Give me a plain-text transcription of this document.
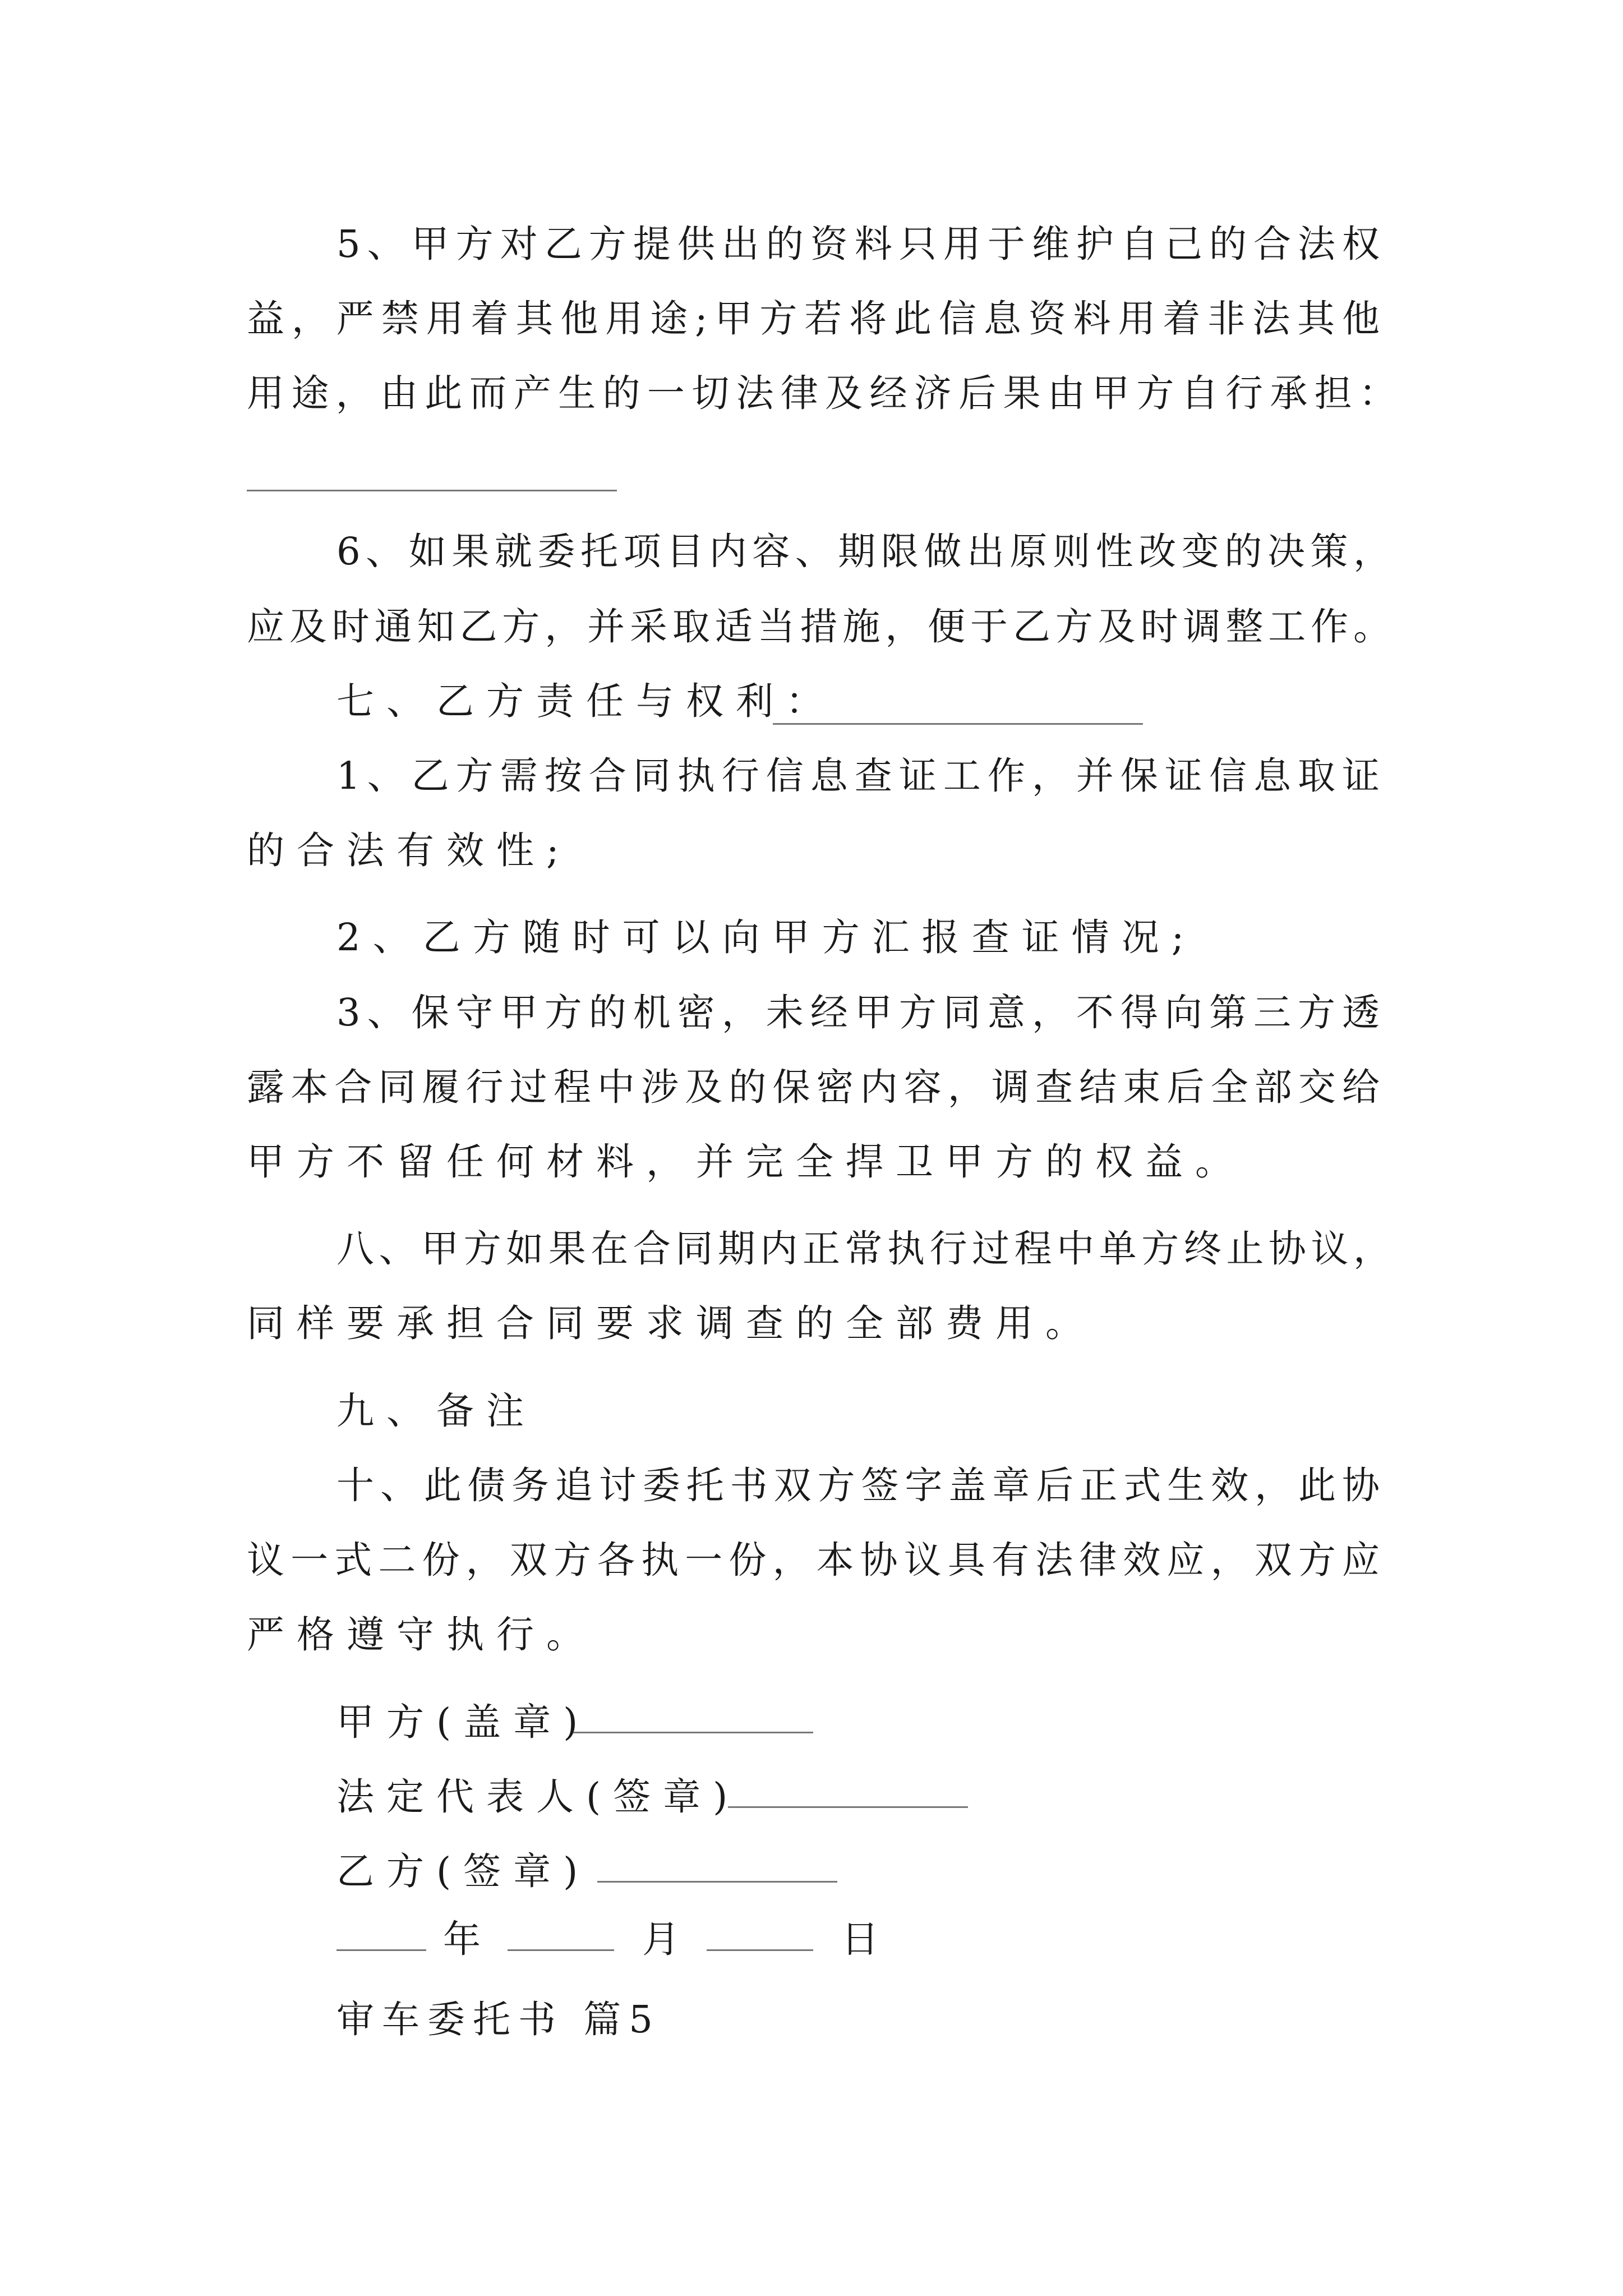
5、甲方对乙方提供出的资料只用于维护自己的合法权
益，严禁用着其他用途;甲方若将此信息资料用着非法其他
用途，由此而产生的一切法律及经济后果由甲方自行承担：
6、如果就委托项目内容、期限做出原则性改变的决策，
应及时通知乙方，并采取适当措施，便于乙方及时调整工作。
七、乙方责任与权利：
1、乙方需按合同执行信息查证工作，并保证信息取证
的合法有效性;
2、乙方随时可以向甲方汇报查证情况;
3、保守甲方的机密，未经甲方同意，不得向第三方透
露本合同履行过程中涉及的保密内容，调查结束后全部交给
甲方不留任何材料，并完全捍卫甲方的权益。
八、甲方如果在合同期内正常执行过程中单方终止协议，
同样要承担合同要求调查的全部费用。
九、备注
十、此债务追讨委托书双方签字盖章后正式生效，此协
议一式二份，双方各执一份，本协议具有法律效应，双方应
严格遵守执行。
甲方(盖章)
法定代表人(签章)
乙方(签章)
年	月	日
审车委托书 篇5
